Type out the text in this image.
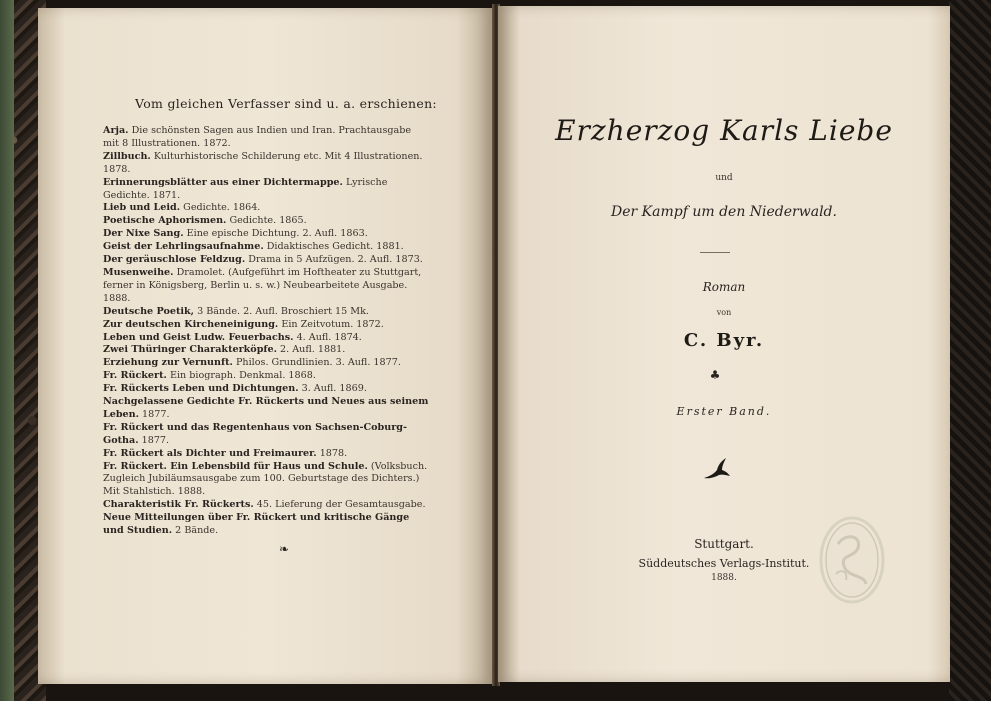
Vom gleichen Verfasser sind u. a. erschienen:
Arja. Die schönsten Sagen aus Indien und Iran. Prachtausgabe mit 8 Illustrationen. 1872.
Zillbuch. Kulturhistorische Schilderung etc. Mit 4 Illustrationen. 1878.
Erinnerungsblätter aus einer Dichtermappe. Lyrische Gedichte. 1871.
Lieb und Leid. Gedichte. 1864.
Poetische Aphorismen. Gedichte. 1865.
Der Nixe Sang. Eine epische Dichtung. 2. Aufl. 1863.
Geist der Lehrlingsaufnahme. Didaktisches Gedicht. 1881.
Der geräuschlose Feldzug. Drama in 5 Aufzügen. 2. Aufl. 1873.
Musenweihe. Dramolet. (Aufgeführt im Hoftheater zu Stuttgart, ferner in Königsberg, Berlin u. s. w.) Neubearbeitete Ausgabe. 1888.
Deutsche Poetik, 3 Bände. 2. Aufl. Broschiert 15 Mk.
Zur deutschen Kircheneinigung. Ein Zeitvotum. 1872.
Leben und Geist Ludw. Feuerbachs. 4. Aufl. 1874.
Zwei Thüringer Charakterköpfe. 2. Aufl. 1881.
Erziehung zur Vernunft. Philos. Grundlinien. 3. Aufl. 1877.
Fr. Rückert. Ein biograph. Denkmal. 1868.
Fr. Rückerts Leben und Dichtungen. 3. Aufl. 1869.
Nachgelassene Gedichte Fr. Rückerts und Neues aus seinem Leben. 1877.
Fr. Rückert und das Regentenhaus von Sachsen-Coburg-Gotha. 1877.
Fr. Rückert als Dichter und Freimaurer. 1878.
Fr. Rückert. Ein Lebensbild für Haus und Schule. (Volksbuch. Zugleich Jubiläumsausgabe zum 100. Geburtstage des Dichters.) Mit Stahlstich. 1888.
Charakteristik Fr. Rückerts. 45. Lieferung der Gesamtausgabe.
Neue Mitteilungen über Fr. Rückert und kritische Gänge und Studien. 2 Bände.
❧
Erzherzog Karls Liebe
und
Der Kampf um den Niederwald.
Roman
von
C. Byr.
♣
Erster Band.
Stuttgart.
Süddeutsches Verlags-Institut.
1888.
